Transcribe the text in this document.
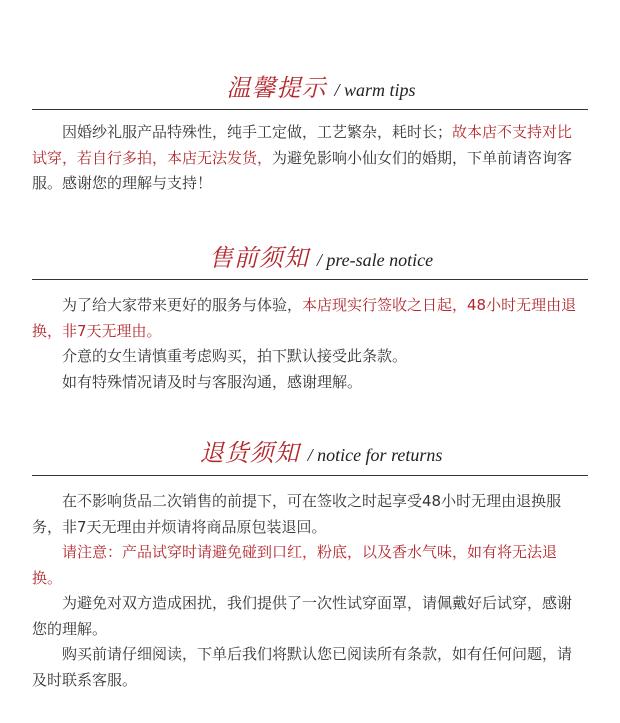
温馨提示 / warm tips

因婚纱礼服产品特殊性，纯手工定做，工艺繁杂，耗时长；故本店不支持对比试穿，若自行多拍，本店无法发货，为避免影响小仙女们的婚期，下单前请咨询客服。感谢您的理解与支持！

售前须知 / pre-sale notice

为了给大家带来更好的服务与体验，本店现实行签收之日起，48小时无理由退换，非7天无理由。

介意的女生请慎重考虑购买，拍下默认接受此条款。

如有特殊情况请及时与客服沟通，感谢理解。

退货须知 / notice for returns

在不影响货品二次销售的前提下，可在签收之时起享受48小时无理由退换服务，非7天无理由并烦请将商品原包装退回。

请注意：产品试穿时请避免碰到口红，粉底，以及香水气味，如有将无法退换。

为避免对双方造成困扰，我们提供了一次性试穿面罩，请佩戴好后试穿，感谢您的理解。

购买前请仔细阅读，下单后我们将默认您已阅读所有条款，如有任何问题，请及时联系客服。
